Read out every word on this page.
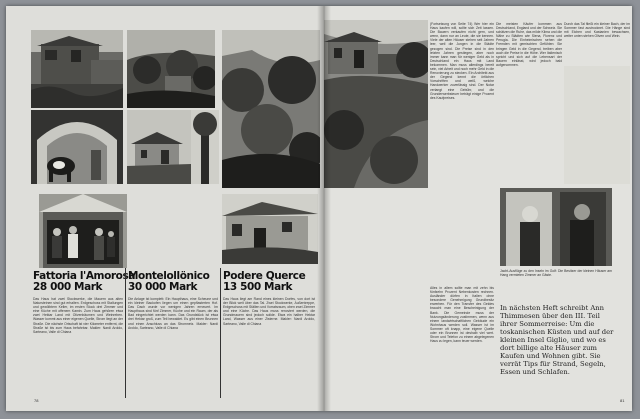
Fattoria l'Amorosa
28 000 Mark

Das Haus hat zwei Stockwerke, die Mauern aus alten Natursteinen sind gut erhalten. Erdgeschoss mit Stallungen und gewölbtem Keller, im ersten Stock drei Zimmer und eine Küche mit offenem Kamin. Zum Haus gehören etwa zwei Hektar Land mit Olivenbäumen und Weinreben. Wasser kommt aus einer eigenen Quelle, Strom liegt an der Straße. Die nächste Ortschaft ist vier Kilometer entfernt, die Straße ist bis zum Haus befahrbar. Makler: Nardi Aroldo, Sarteano, Valle di Chiana

Montelollönico
30 000 Mark

Die Anlage ist komplett: Ein Haupthaus, eine Scheune und ein kleiner Backofen liegen um einen gepflasterten Hof. Das Dach wurde vor wenigen Jahren erneuert. Im Haupthaus sind fünf Zimmer, Küche und ein Raum, der als Bad eingerichtet werden kann. Das Grundstück ist etwa drei Hektar groß, zum Teil bewaldet. Es gibt einen Brunnen und einen Anschluss an das Stromnetz. Makler: Nardi Aroldo, Sarteano, Valle di Chiana

Podere Querce
13 500 Mark

Das Haus liegt am Rand eines kleinen Dorfes, von dort ist der Blick weit über das Tal. Zwei Stockwerke, Außentreppe, Erdgeschoss mit Ställen und Vorratsraum, oben zwei Zimmer und eine Küche. Das Haus muss renoviert werden, die Grundmauern sind jedoch solide. Etwa ein halber Hektar Land, Wasser aus einer Zisterne. Makler: Nardi Aroldo, Sarteano, Valle di Chiana

78

(Fortsetzung von Seite 74) Wer hier ein Haus kaufen will, sollte sich Zeit lassen. Die Bauern verkaufen nicht gern, und wenn, dann nur an Leute, die sie kennen. Viele der alten Häuser stehen seit Jahren leer, weil die Jungen in die Städte gezogen sind. Die Preise sind in den letzten Jahren gestiegen, aber noch immer kann man für weniger Geld als in Deutschland ein Haus mit Land bekommen. Man muss allerdings bereit sein, viel Arbeit und noch mehr Geld in die Renovierung zu stecken. Ein Architekt aus der Gegend kennt die örtlichen Vorschriften und weiß, welche Handwerker zuverlässig sind. Der Notar verlangt eine Gebühr, und die Grunderwerbsteuer beträgt einige Prozent des Kaufpreises.

Alles in allem sollte man mit zehn bis fünfzehn Prozent Nebenkosten rechnen. Ausländer dürfen in Italien ohne besondere Genehmigung Grundbesitz erwerben. Für den Transfer des Geldes braucht man eine Bescheinigung der Bank. Die Gemeinde muss der Nutzungsänderung zustimmen, wenn aus einem landwirtschaftlichen Gebäude ein Wohnhaus werden soll. Wasser ist im Sommer oft knapp, eine eigene Quelle oder ein Brunnen ist deshalb viel wert. Strom und Telefon zu einem abgelegenen Haus zu legen, kann teuer werden.

Die meisten Käufer kommen aus Deutschland, England und der Schweiz. Sie schätzen die Ruhe, das milde Klima und die Nähe zu Städten wie Siena, Florenz und Perugia. Die Einheimischen sehen die Fremden mit gemischten Gefühlen: Sie bringen Geld in die Gegend, treiben aber auch die Preise in die Höhe. Wer Italienisch spricht und sich auf die Lebensart der Bauern einlässt, wird jedoch bald aufgenommen.

Durch das Tal fließt ein kleiner Bach, der im Sommer fast austrocknet. Die Hänge sind mit Eichen und Kastanien bewachsen, weiter unten stehen Oliven und Wein.

Jacht-Ausflüge zu den Inseln im Golf: Die Besitzer der kleinen Häuser am Hang vermieten Zimmer an Gäste.

In nächsten Heft schreibt Ann Thimmesen über den III. Teil ihrer Sommerreise: Um die toskanischen Küsten und auf der kleinen Insel Giglio, und wo es dort billige alte Häuser zum Kaufen und Wohnen gibt. Sie verrät Tips für Strand, Segeln, Essen und Schlafen.

81
